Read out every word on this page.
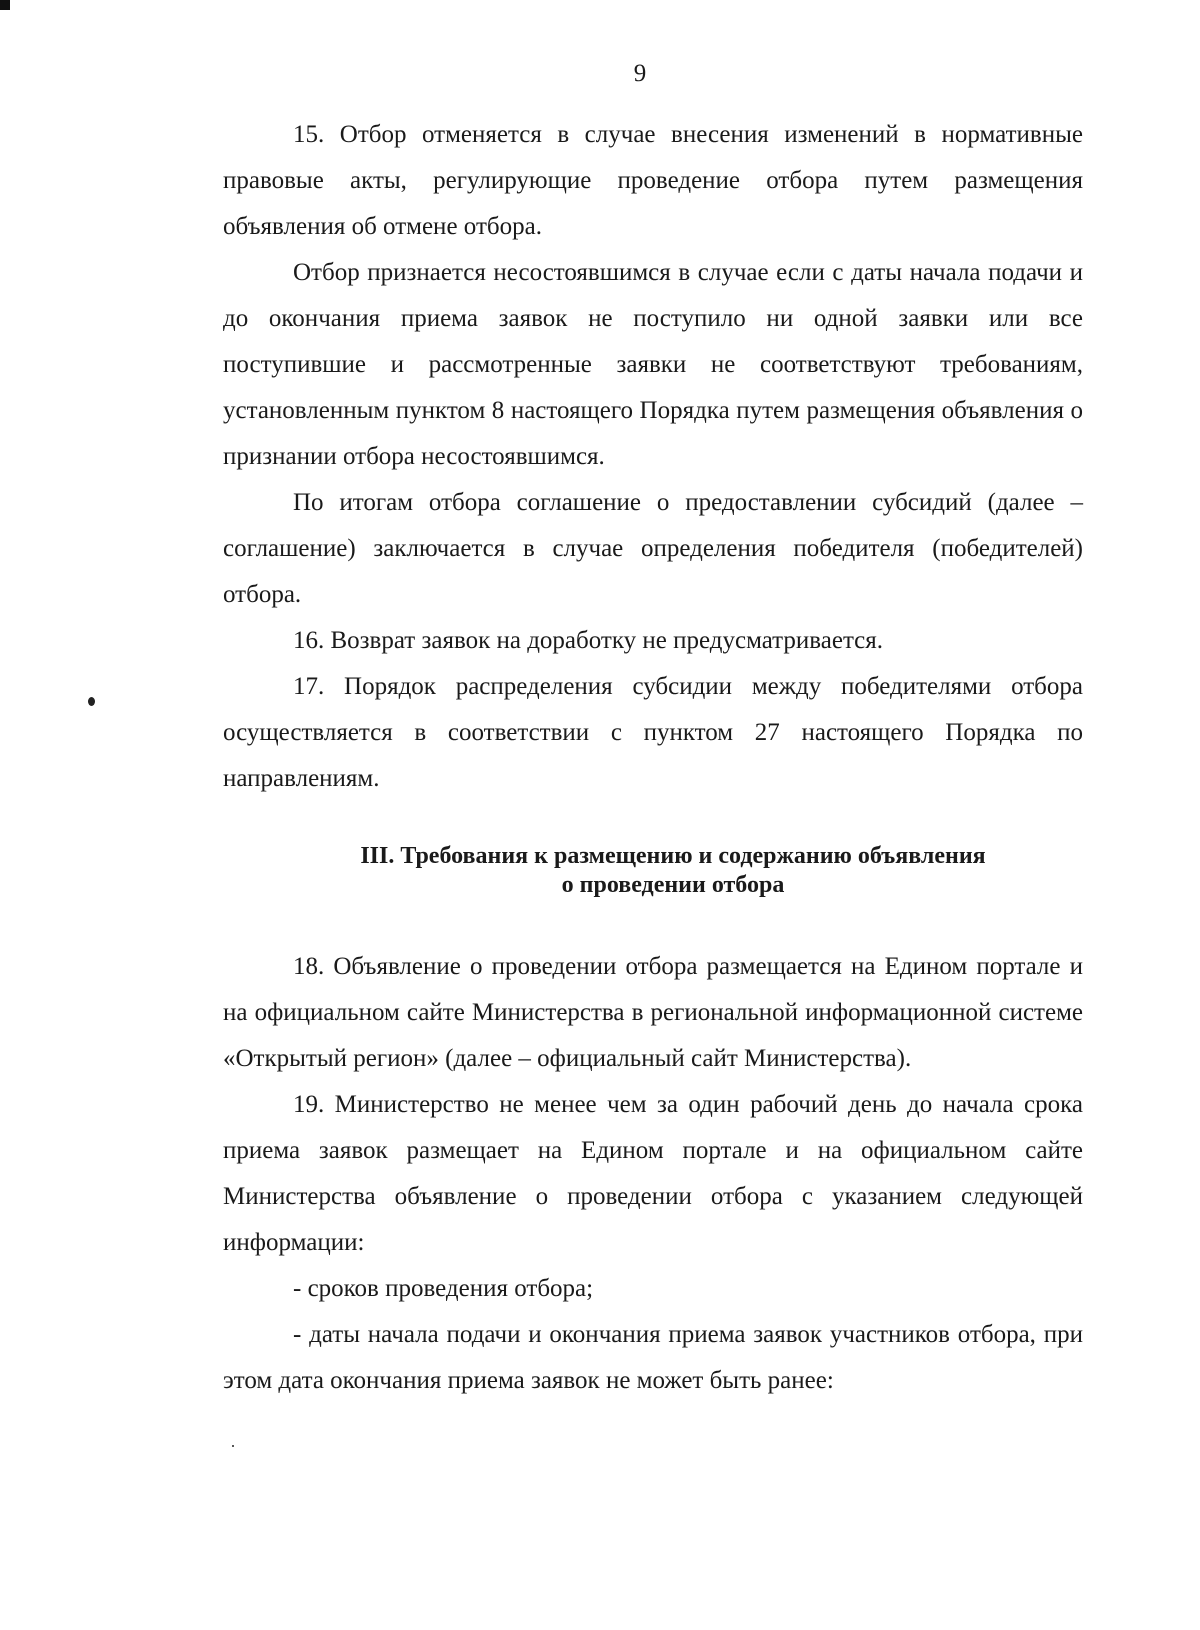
9

15. Отбор отменяется в случае внесения изменений в нормативные правовые акты, регулирующие проведение отбора путем размещения объявления об отмене отбора.

Отбор признается несостоявшимся в случае если с даты начала подачи и до окончания приема заявок не поступило ни одной заявки или все поступившие и рассмотренные заявки не соответствуют требованиям, установленным пунктом 8 настоящего Порядка путем размещения объявления о признании отбора несостоявшимся.

По итогам отбора соглашение о предоставлении субсидий (далее – соглашение) заключается в случае определения победителя (победителей) отбора.

16. Возврат заявок на доработку не предусматривается.

17. Порядок распределения субсидии между победителями отбора осуществляется в соответствии с пунктом 27 настоящего Порядка по направлениям.

III. Требования к размещению и содержанию объявления
о проведении отбора

18. Объявление о проведении отбора размещается на Едином портале и на официальном сайте Министерства в региональной информационной системе «Открытый регион» (далее – официальный сайт Министерства).

19. Министерство не менее чем за один рабочий день до начала срока приема заявок размещает на Едином портале и на официальном сайте Министерства объявление о проведении отбора с указанием следующей информации:

- сроков проведения отбора;

- даты начала подачи и окончания приема заявок участников отбора, при этом дата окончания приема заявок не может быть ранее:
